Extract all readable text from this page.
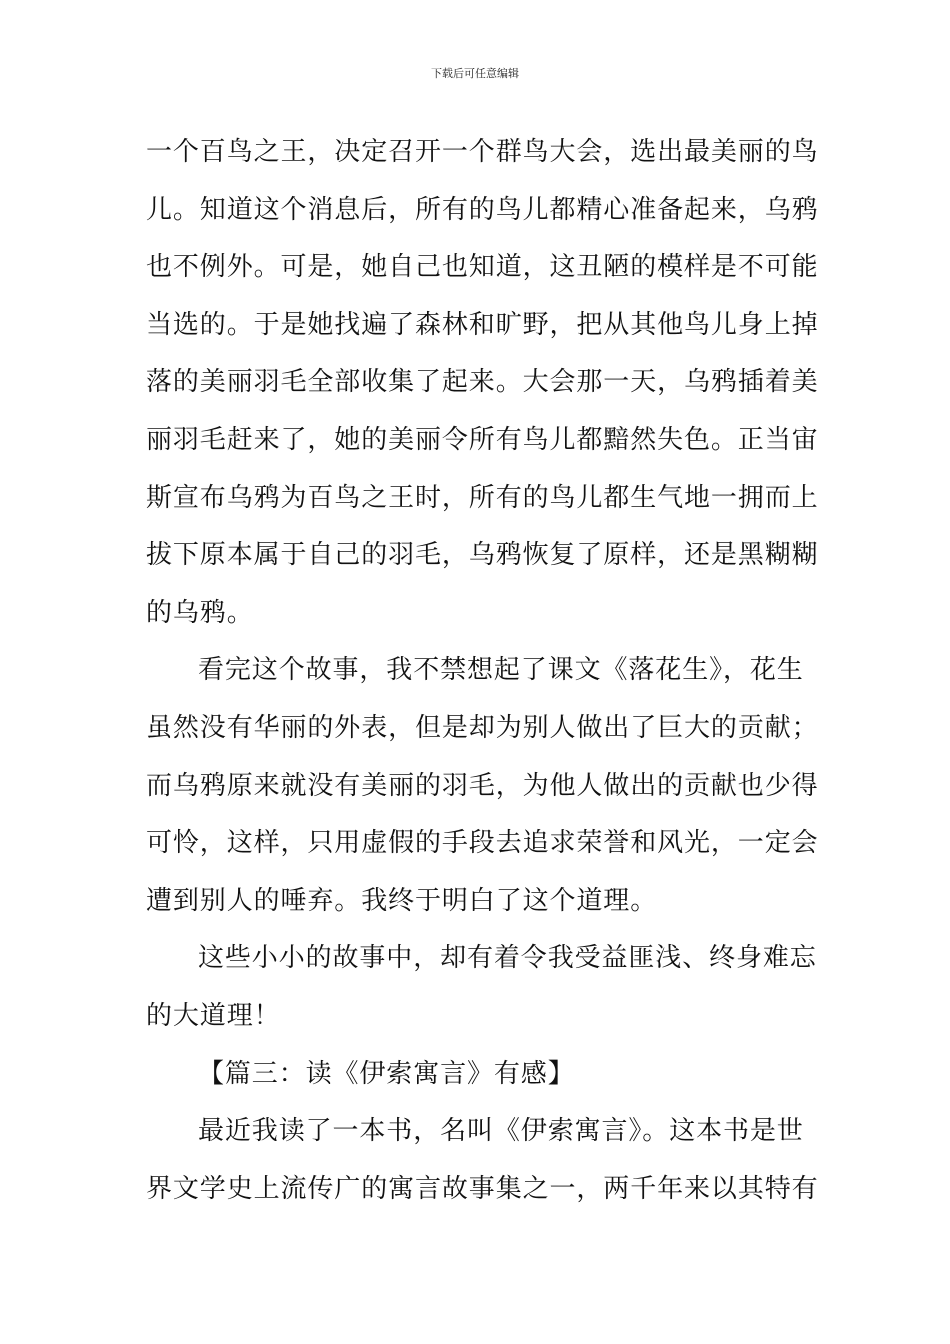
下载后可任意编辑
一个百鸟之王，决定召开一个群鸟大会，选出最美丽的鸟
儿。知道这个消息后，所有的鸟儿都精心准备起来，乌鸦
也不例外。可是，她自己也知道，这丑陋的模样是不可能
当选的。于是她找遍了森林和旷野，把从其他鸟儿身上掉
落的美丽羽毛全部收集了起来。大会那一天，乌鸦插着美
丽羽毛赶来了，她的美丽令所有鸟儿都黯然失色。正当宙
斯宣布乌鸦为百鸟之王时，所有的鸟儿都生气地一拥而上
拔下原本属于自己的羽毛，乌鸦恢复了原样，还是黑糊糊
的乌鸦。
看完这个故事，我不禁想起了课文《落花生》，花生
虽然没有华丽的外表，但是却为别人做出了巨大的贡献；
而乌鸦原来就没有美丽的羽毛，为他人做出的贡献也少得
可怜，这样，只用虚假的手段去追求荣誉和风光，一定会
遭到别人的唾弃。我终于明白了这个道理。
这些小小的故事中，却有着令我受益匪浅、终身难忘
的大道理！
【篇三：读《伊索寓言》有感】
最近我读了一本书，名叫《伊索寓言》。这本书是世
界文学史上流传广的寓言故事集之一，两千年来以其特有
